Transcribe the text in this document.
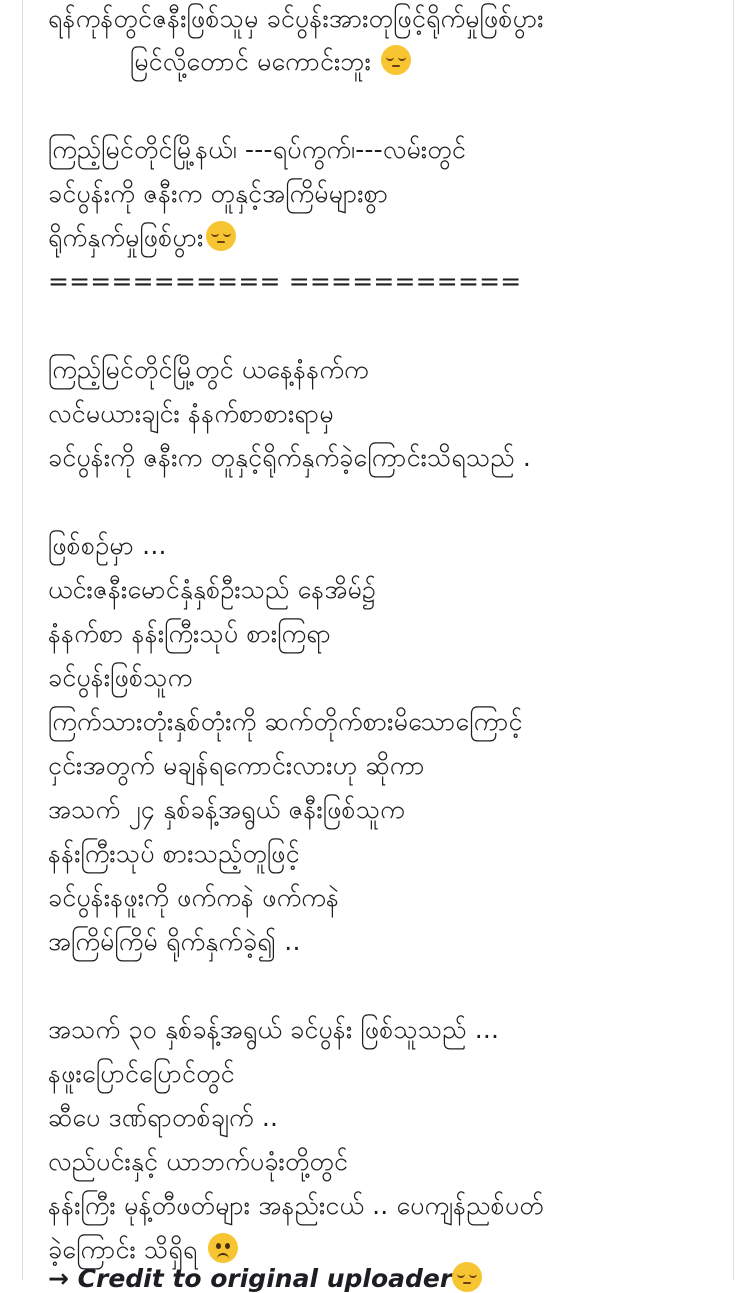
ရန်ကုန်တွင်ဇနီးဖြစ်သူမှ ခင်ပွန်းအားတုဖြင့်ရိုက်မှုဖြစ်ပွား
မြင်လို့တောင် မကောင်းဘူး
ကြည့်မြင်တိုင်မြို့နယ်၊ ---ရပ်ကွက်၊---လမ်းတွင်
ခင်ပွန်းကို ဇနီးက တူနှင့်အကြိမ်များစွာ
ရိုက်နှက်မှုဖြစ်ပွား
=========== ===========
ကြည့်မြင်တိုင်မြို့တွင် ယနေ့နံနက်က
လင်မယားချင်း နံနက်စာစားရာမှ
ခင်ပွန်းကို ဇနီးက တူနှင့်ရိုက်နှက်ခဲ့ကြောင်းသိရသည် .
ဖြစ်စဉ်မှာ ...
ယင်းဇနီးမောင်နှံနှစ်ဦးသည် နေအိမ်၌
နံနက်စာ နန်းကြီးသုပ် စားကြရာ
ခင်ပွန်းဖြစ်သူက
ကြက်သားတုံးနှစ်တုံးကို ဆက်တိုက်စားမိသောကြောင့်
ငှင်းအတွက် မချန်ရကောင်းလားဟု ဆိုကာ
အသက် ၂၄ နှစ်ခန့်အရွယ် ဇနီးဖြစ်သူက
နန်းကြီးသုပ် စားသည့်တူဖြင့်
ခင်ပွန်းနဖူးကို ဖက်ကနဲ ဖက်ကနဲ
အကြိမ်ကြိမ် ရိုက်နှက်ခဲ့၍ ..
အသက် ၃၀ နှစ်ခန့်အရွယ် ခင်ပွန်း ဖြစ်သူသည် ...
နဖူးပြောင်ပြောင်တွင်
ဆီပေ ဒဏ်ရာတစ်ချက် ..
လည်ပင်းနှင့် ယာဘက်ပခုံးတို့တွင်
နန်းကြီး မုန့်တီဖတ်များ အနည်းငယ် .. ပေကျန်ညစ်ပတ်
ခဲ့ကြောင်း သိရှိရ
→ Credit to original uploader
